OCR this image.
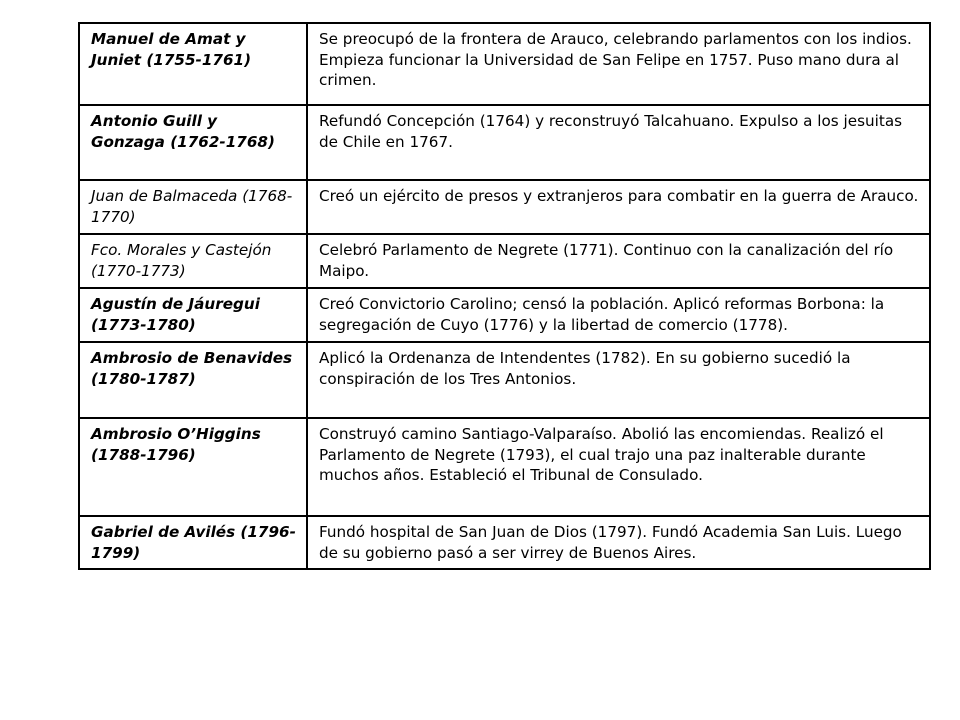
Manuel de Amat y Juniet (1755-1761)	Se preocupó de la frontera de Arauco, celebrando parlamentos con los indios. Empieza funcionar la Universidad de San Felipe en 1757. Puso mano dura al crimen.
Antonio Guill y Gonzaga (1762-1768)	Refundó Concepción (1764) y reconstruyó Talcahuano. Expulso a los jesuitas de Chile en 1767.
Juan de Balmaceda (1768-1770)	Creó un ejército de presos y extranjeros para combatir en la guerra de Arauco.
Fco. Morales y Castejón (1770-1773)	Celebró Parlamento de Negrete (1771). Continuo con la canalización del río Maipo.
Agustín de Jáuregui (1773-1780)	Creó Convictorio Carolino; censó la población. Aplicó reformas Borbona: la segregación de Cuyo (1776) y la libertad de comercio (1778).
Ambrosio de Benavides (1780-1787)	Aplicó la Ordenanza de Intendentes (1782). En su gobierno sucedió la conspiración de los Tres Antonios.
Ambrosio O’Higgins (1788-1796)	Construyó camino Santiago-Valparaíso. Abolió las encomiendas. Realizó el Parlamento de Negrete (1793), el cual trajo una paz inalterable durante muchos años. Estableció el Tribunal de Consulado.
Gabriel de Avilés (1796-1799)	Fundó hospital de San Juan de Dios (1797). Fundó Academia San Luis. Luego de su gobierno pasó a ser virrey de Buenos Aires.
